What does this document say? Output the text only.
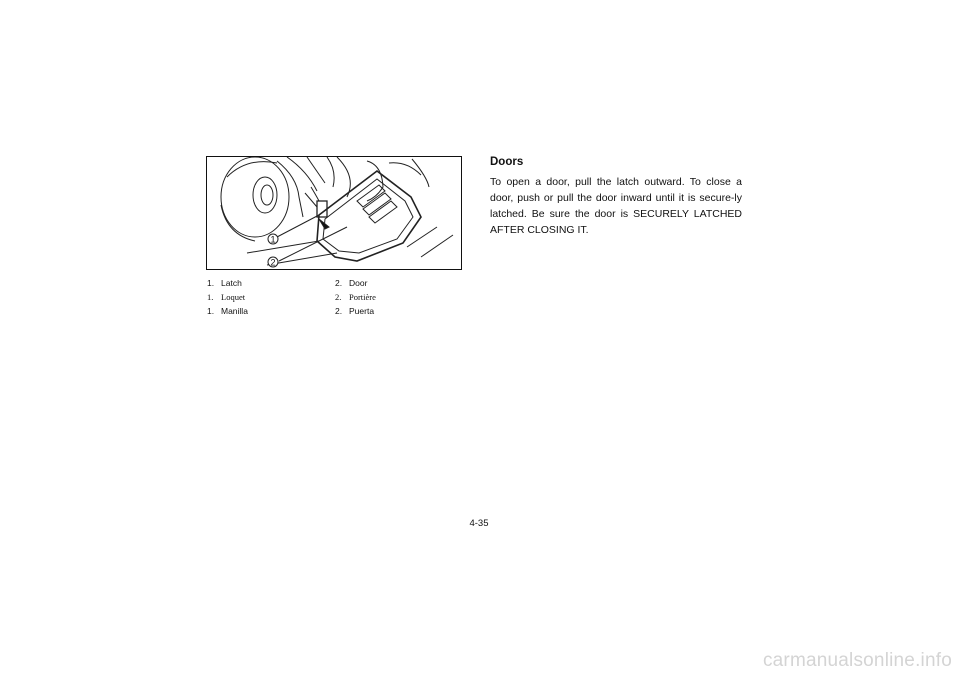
1
2
1. Latch	2. Door
1. Loquet	2. Portière
1. Manilla	2. Puerta
Doors

To open a door, pull the latch outward. To close a door, push or pull the door inward until it is secure-ly latched. Be sure the door is SECURELY LATCHED AFTER CLOSING IT.

4-35
carmanualsonline.info
